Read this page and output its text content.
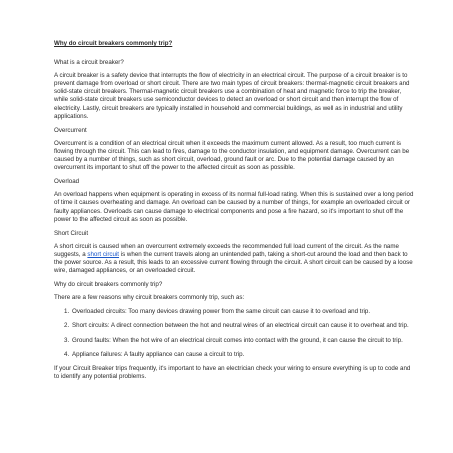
Why do circuit breakers commonly trip?

What is a circuit breaker?

A circuit breaker is a safety device that interrupts the flow of electricity in an electrical circuit. The purpose of a circuit breaker is to prevent damage from overload or short circuit. There are two main types of circuit breakers: thermal-magnetic circuit breakers and solid-state circuit breakers. Thermal-magnetic circuit breakers use a combination of heat and magnetic force to trip the breaker, while solid-state circuit breakers use semiconductor devices to detect an overload or short circuit and then interrupt the flow of electricity. Lastly, circuit breakers are typically installed in household and commercial buildings, as well as in industrial and utility applications.

Overcurrent

Overcurrent is a condition of an electrical circuit when it exceeds the maximum current allowed. As a result, too much current is flowing through the circuit. This can lead to fires, damage to the conductor insulation, and equipment damage. Overcurrent can be caused by a number of things, such as short circuit, overload, ground fault or arc. Due to the potential damage caused by an overcurrent its important to shut off the power to the affected circuit as soon as possible.

Overload

An overload happens when equipment is operating in excess of its normal full-load rating. When this is sustained over a long period of time it causes overheating and damage. An overload can be caused by a number of things, for example an overloaded circuit or faulty appliances. Overloads can cause damage to electrical components and pose a fire hazard, so it's important to shut off the power to the affected circuit as soon as possible.

Short Circuit

A short circuit is caused when an overcurrent extremely exceeds the recommended full load current of the circuit. As the name suggests, a short circuit is when the current travels along an unintended path, taking a short-cut around the load and then back to the power source. As a result, this leads to an excessive current flowing through the circuit. A short circuit can be caused by a loose wire, damaged appliances, or an overloaded circuit.

Why do circuit breakers commonly trip?

There are a few reasons why circuit breakers commonly trip, such as:

1. Overloaded circuits: Too many devices drawing power from the same circuit can cause it to overload and trip.
2. Short circuits: A direct connection between the hot and neutral wires of an electrical circuit can cause it to overheat and trip.
3. Ground faults: When the hot wire of an electrical circuit comes into contact with the ground, it can cause the circuit to trip.
4. Appliance failures: A faulty appliance can cause a circuit to trip.

If your Circuit Breaker trips frequently, it's important to have an electrician check your wiring to ensure everything is up to code and to identify any potential problems.
